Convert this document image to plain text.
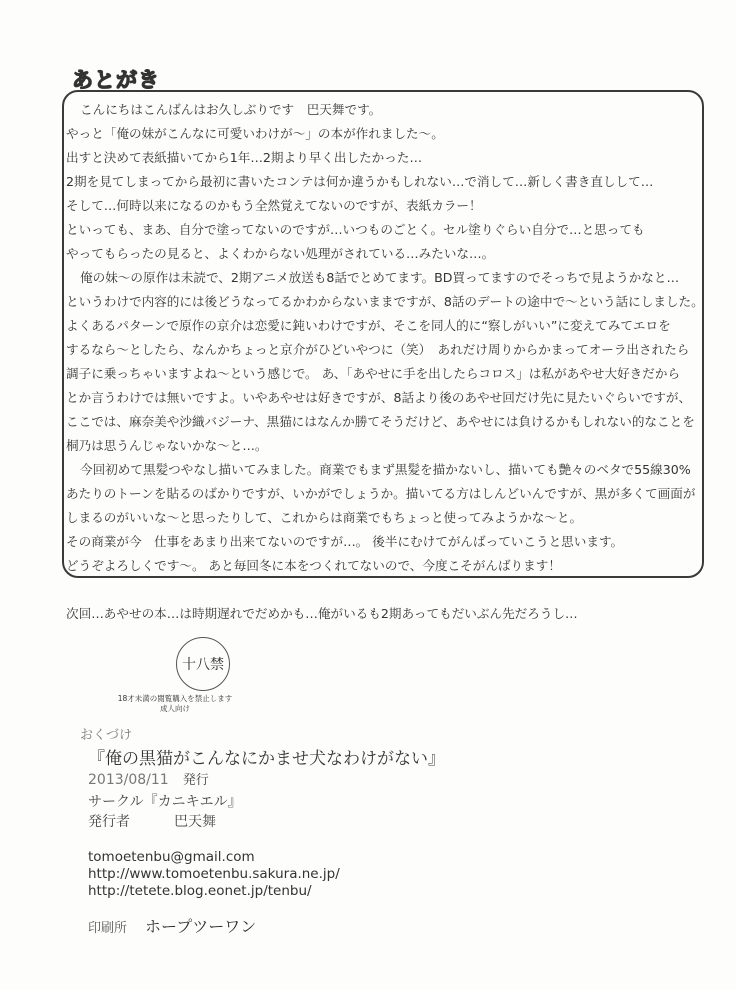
あとがき
こんにちはこんばんはお久しぶりです　巴天舞です。
やっと「俺の妹がこんなに可愛いわけが～」の本が作れました～。
出すと決めて表紙描いてから1年…2期より早く出したかった…
2期を見てしまってから最初に書いたコンテは何か違うかもしれない…で消して…新しく書き直しして…
そして…何時以来になるのかもう全然覚えてないのですが、表紙カラー！
といっても、まあ、自分で塗ってないのですが…いつものごとく。セル塗りぐらい自分で…と思っても
やってもらったの見ると、よくわからない処理がされている…みたいな…。
俺の妹～の原作は未読で、2期アニメ放送も8話でとめてます。BD買ってますのでそっちで見ようかなと…
というわけで内容的には後どうなってるかわからないままですが、8話のデートの途中で～という話にしました。
よくあるパターンで原作の京介は恋愛に鈍いわけですが、そこを同人的に“察しがいい”に変えてみてエロを
するなら～としたら、なんかちょっと京介がひどいやつに（笑）　あれだけ周りからかまってオーラ出されたら
調子に乗っちゃいますよね～という感じで。 あ、「あやせに手を出したらコロス」は私があやせ大好きだから
とか言うわけでは無いですよ。いやあやせは好きですが、8話より後のあやせ回だけ先に見たいぐらいですが、
ここでは、麻奈美や沙織バジーナ、黒猫にはなんか勝てそうだけど、あやせには負けるかもしれない的なことを
桐乃は思うんじゃないかな～と…。
今回初めて黒髪つやなし描いてみました。商業でもまず黒髪を描かないし、描いても艶々のベタで55線30%
あたりのトーンを貼るのばかりですが、いかがでしょうか。描いてる方はしんどいんですが、黒が多くて画面が
しまるのがいいな～と思ったりして、これからは商業でもちょっと使ってみようかな～と。
その商業が今　仕事をあまり出来てないのですが…。 後半にむけてがんばっていこうと思います。
どうぞよろしくです～。 あと毎回冬に本をつくれてないので、今度こそがんばります！
次回…あやせの本…は時期遅れでだめかも…俺がいるも2期あってもだいぶん先だろうし…
十八禁
18才未満の閲覧購入を禁止します
成人向け
おくづけ
『俺の黒猫がこんなにかませ犬なわけがない』
2013/08/11 発行
サークル『カニキエル』
発行者	巴天舞
tomoetenbu@gmail.com
http://www.tomoetenbu.sakura.ne.jp/
http://tetete.blog.eonet.jp/tenbu/
印刷所 ホープツーワン
